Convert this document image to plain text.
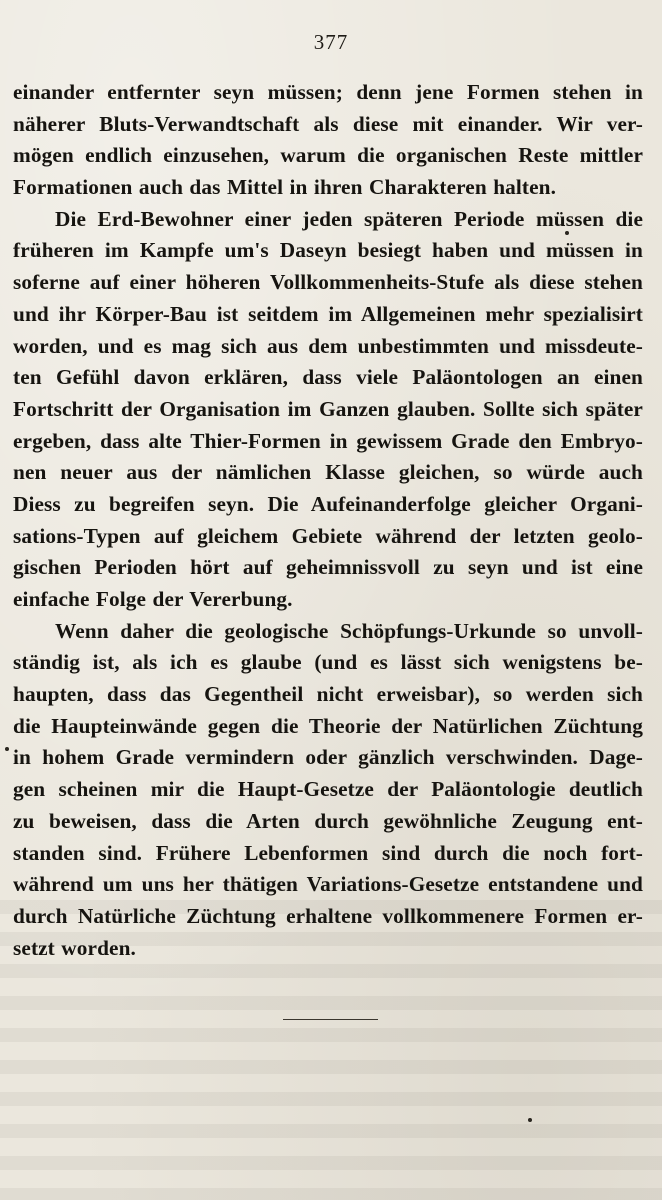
377
einander entfernter seyn müssen; denn jene Formen stehen in
näherer Bluts-Verwandtschaft als diese mit einander. Wir ver-
mögen endlich einzusehen, warum die organischen Reste mittler
Formationen auch das Mittel in ihren Charakteren halten.
Die Erd-Bewohner einer jeden späteren Periode müssen die
früheren im Kampfe um's Daseyn besiegt haben und müssen in
soferne auf einer höheren Vollkommenheits-Stufe als diese stehen
und ihr Körper-Bau ist seitdem im Allgemeinen mehr spezialisirt
worden, und es mag sich aus dem unbestimmten und missdeute-
ten Gefühl davon erklären, dass viele Paläontologen an einen
Fortschritt der Organisation im Ganzen glauben. Sollte sich später
ergeben, dass alte Thier-Formen in gewissem Grade den Embryo-
nen neuer aus der nämlichen Klasse gleichen, so würde auch
Diess zu begreifen seyn. Die Aufeinanderfolge gleicher Organi-
sations-Typen auf gleichem Gebiete während der letzten geolo-
gischen Perioden hört auf geheimnissvoll zu seyn und ist eine
einfache Folge der Vererbung.
Wenn daher die geologische Schöpfungs-Urkunde so unvoll-
ständig ist, als ich es glaube (und es lässt sich wenigstens be-
haupten, dass das Gegentheil nicht erweisbar), so werden sich
die Haupteinwände gegen die Theorie der Natürlichen Züchtung
in hohem Grade vermindern oder gänzlich verschwinden. Dage-
gen scheinen mir die Haupt-Gesetze der Paläontologie deutlich
zu beweisen, dass die Arten durch gewöhnliche Zeugung ent-
standen sind. Frühere Lebenformen sind durch die noch fort-
während um uns her thätigen Variations-Gesetze entstandene und
durch Natürliche Züchtung erhaltene vollkommenere Formen er-
setzt worden.
